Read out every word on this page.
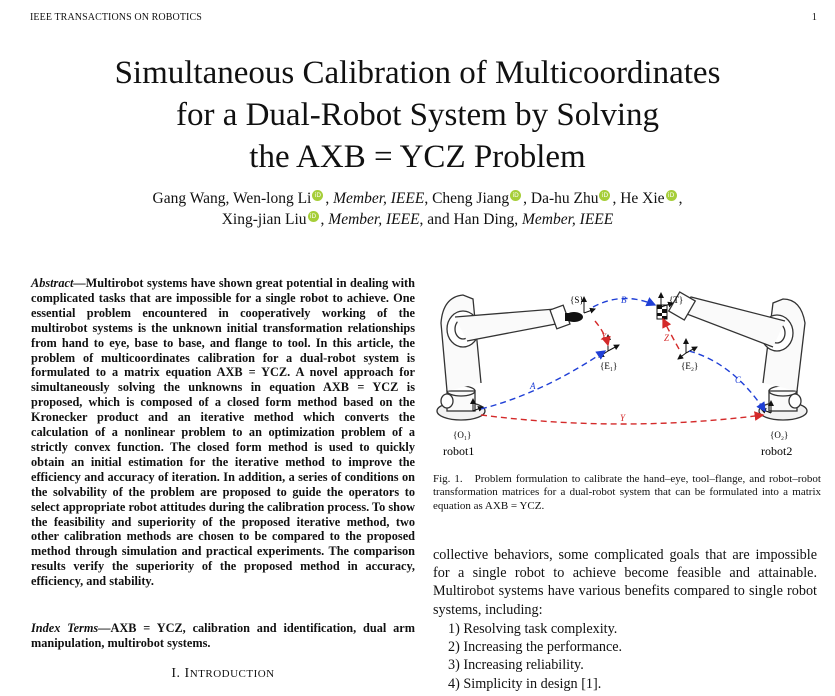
IEEE TRANSACTIONS ON ROBOTICS	1
Simultaneous Calibration of Multicoordinates
for a Dual-Robot System by Solving
the AXB = YCZ Problem
Gang Wang, Wen-long Li iD , Member, IEEE, Cheng Jiang iD , Da-hu Zhu iD , He Xie iD ,
Xing-jian Liu iD , Member, IEEE, and Han Ding, Member, IEEE
Abstract—Multirobot systems have shown great potential in dealing with complicated tasks that are impossible for a single robot to achieve. One essential problem encountered in cooperatively working of the multirobot systems is the unknown initial transformation relationships from hand to eye, base to base, and flange to tool. In this article, the problem of multicoordinates calibration for a dual-robot system is formulated to a matrix equation AXB = YCZ. A novel approach for simultaneously solving the unknowns in equation AXB = YCZ is proposed, which is composed of a closed form method based on the Kronecker product and an iterative method which converts the calculation of a nonlinear problem to an optimization problem of a strictly convex function. The closed form method is used to quickly obtain an initial estimation for the iterative method to improve the efficiency and accuracy of iteration. In addition, a series of conditions on the solvability of the problem are proposed to guide the operators to select appropriate robot attitudes during the calibration process. To show the feasibility and superiority of the proposed iterative method, two other calibration methods are chosen to be compared to the proposed method through simulation and practical experiments. The comparison results verify the superiority of the proposed method in accuracy, efficiency, and stability.
Index Terms—AXB = YCZ, calibration and identification, dual arm manipulation, multirobot systems.
I. INTRODUCTION
{S}	{T}
{E₁}	{E₂}
{O₁}	{O₂}
B
A
C
X
Y
Z
robot1	robot2
Fig. 1. Problem formulation to calibrate the hand–eye, tool–flange, and robot–robot transformation matrices for a dual-robot system that can be formulated into a matrix equation as AXB = YCZ.
collective behaviors, some complicated goals that are impossible for a single robot to achieve become feasible and attainable. Multirobot systems have various benefits compared to single robot systems, including:
1) Resolving task complexity.
2) Increasing the performance.
3) Increasing reliability.
4) Simplicity in design [1].
